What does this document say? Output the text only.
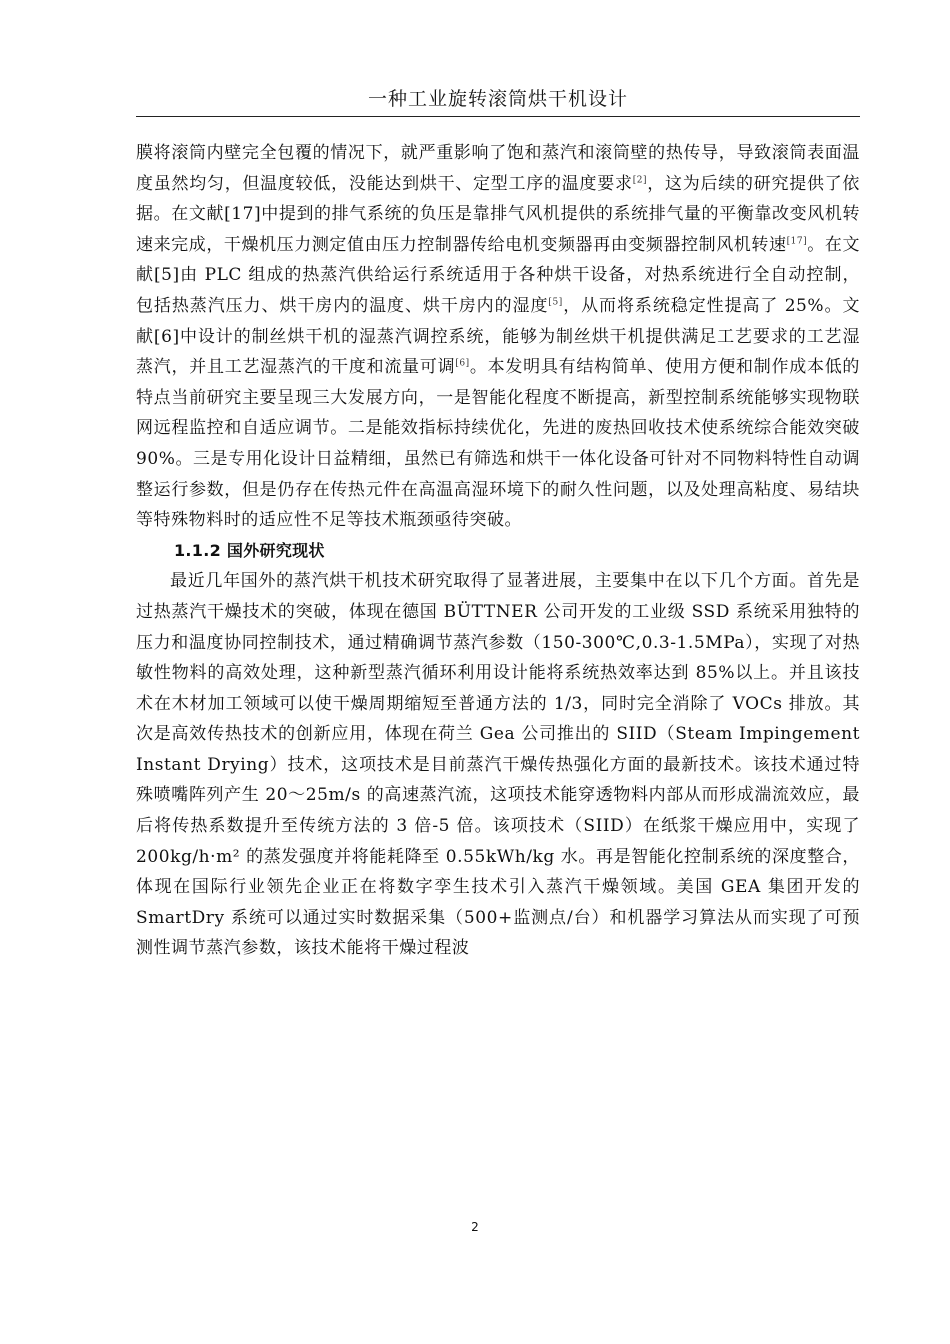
一种工业旋转滚筒烘干机设计

膜将滚筒内壁完全包覆的情况下，就严重影响了饱和蒸汽和滚筒壁的热传导，导致滚筒表面温度虽然均匀，但温度较低，没能达到烘干、定型工序的温度要求[2]，这为后续的研究提供了依据。在文献[17]中提到的排气系统的负压是靠排气风机提供的系统排气量的平衡靠改变风机转速来完成，干燥机压力测定值由压力控制器传给电机变频器再由变频器控制风机转速[17]。在文献[5]由 PLC 组成的热蒸汽供给运行系统适用于各种烘干设备，对热系统进行全自动控制，包括热蒸汽压力、烘干房内的温度、烘干房内的湿度[5]，从而将系统稳定性提高了 25%。文献[6]中设计的制丝烘干机的湿蒸汽调控系统，能够为制丝烘干机提供满足工艺要求的工艺湿蒸汽，并且工艺湿蒸汽的干度和流量可调[6]。本发明具有结构简单、使用方便和制作成本低的特点当前研究主要呈现三大发展方向，一是智能化程度不断提高，新型控制系统能够实现物联网远程监控和自适应调节。二是能效指标持续优化，先进的废热回收技术使系统综合能效突破 90%。三是专用化设计日益精细，虽然已有筛选和烘干一体化设备可针对不同物料特性自动调整运行参数，但是仍存在传热元件在高温高湿环境下的耐久性问题，以及处理高粘度、易结块等特殊物料时的适应性不足等技术瓶颈亟待突破。

1.1.2 国外研究现状

最近几年国外的蒸汽烘干机技术研究取得了显著进展，主要集中在以下几个方面。首先是过热蒸汽干燥技术的突破，体现在德国 BÜTTNER 公司开发的工业级 SSD 系统采用独特的压力和温度协同控制技术，通过精确调节蒸汽参数（150-300℃,0.3-1.5MPa），实现了对热敏性物料的高效处理，这种新型蒸汽循环利用设计能将系统热效率达到 85%以上。并且该技术在木材加工领域可以使干燥周期缩短至普通方法的 1/3，同时完全消除了 VOCs 排放。其次是高效传热技术的创新应用，体现在荷兰 Gea 公司推出的 SIID（Steam Impingement Instant Drying）技术，这项技术是目前蒸汽干燥传热强化方面的最新技术。该技术通过特殊喷嘴阵列产生 20～25m/s 的高速蒸汽流，这项技术能穿透物料内部从而形成湍流效应，最后将传热系数提升至传统方法的 3 倍-5 倍。该项技术（SIID）在纸浆干燥应用中，实现了 200kg/h·m² 的蒸发强度并将能耗降至 0.55kWh/kg 水。再是智能化控制系统的深度整合，体现在国际行业领先企业正在将数字孪生技术引入蒸汽干燥领域。美国 GEA 集团开发的 SmartDry 系统可以通过实时数据采集（500+监测点/台）和机器学习算法从而实现了可预测性调节蒸汽参数，该技术能将干燥过程波

2
